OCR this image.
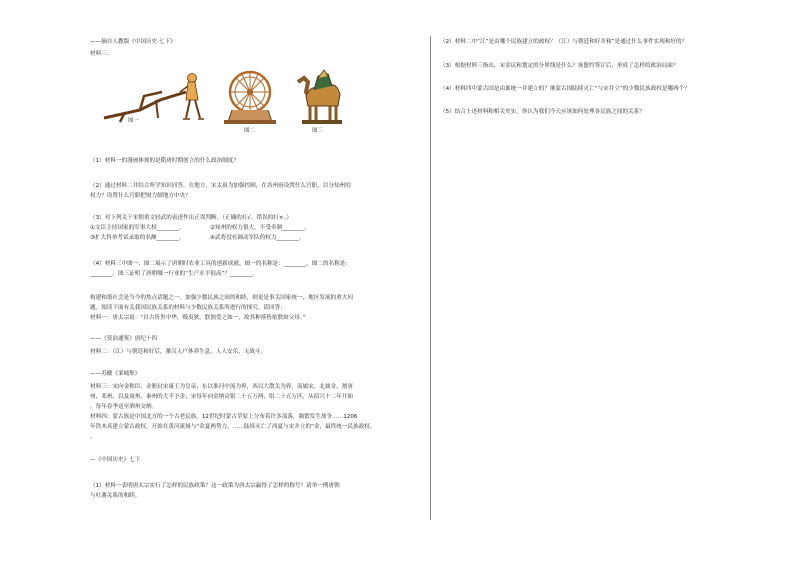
——摘自人教版《中国历史·七下》
材料三：
图一
图二	图三
（1）材料一的漫画体现的是隋唐时期创立的什么政治制度？
（2）通过材料二并结合所学知识回答，在地方，宋太祖为加强控制，在各州府设置什么官职，以分知州的
权力？设置什么官职把财力制地方中央？
（3）对下列关于宋朝重文轻武的表述作出正误判断。（正确的打√，错误的打×。）
①文臣主持国家的军事大权________。	②知州的权力很大，不受牵制________。
③扩大科举考试录取的名额________。	④武将没有调动军队的权力________。
（4）材料三中图一、图二展示了唐朝时农业工具的创新成就，图一的名称是：________，图二的名称是：
________。图三证明了唐朝哪一行业的“生产水平很高”？________。
构建和谐社会是当今的焦点话题之一。加强少数民族之间的和睦，则更是事关国家统一、地区发展的重大问
题。阅读下面有关我国民族关系的材料与少数民族关系所进行的探究。请回答：
材料一：唐太宗说：“自古皆贵中华，贱夷狄，朕独爱之如一，故其种落皆依朕如父母。”
——《资治通鉴》唐纪十四
材料二：（江）与朝廷和好后，蕃汉人户休养生息，人人安乐，无战斗。
——苏辙《栾城集》
材料三：宋向金称臣，金册封宋康王为皇帝；东以淮河中流为界，西以大散关为界，南属宋，北属金，割唐
州、邓州、以及商州、秦州的大半予金；宋每年向金纳贡银二十五万两、绢二十五万匹，从绍兴十二年开始
，每年春季送至泗州交纳。
材料四：蒙古族是中国北方的一个古老民族。12世纪时蒙古草原上分布着许多部落，频繁发生战争……1206
年铁木真建立蒙古政权，开始在黄河流域与“金夏两势力，……陆续灭亡了西夏与宋并立的”金，最终统一民族政权。
。
—《中国历史》七下
（1）材料一表明唐太宗实行了怎样的民族政策？这一政策为唐太宗赢得了怎样的称号？请举一例唐朝
与吐蕃关系的和睦。
（2）材料二中“江”是由哪个民族建立的政权？（江）与朝廷和好并和”是通过什么事件实现和好的？
（3）根据材料三指出，宋金议和划定的分界线是什么？该盟约签订后，形成了怎样的政治局面？
（4）材料四中蒙古国是由谁统一并建立的？继蒙古国陆续灭亡“与宋并立”的少数民族政权是哪两个？
（5）结合上述材料和相关史实，你认为我们今天应该如何处理各民族之间的关系？
